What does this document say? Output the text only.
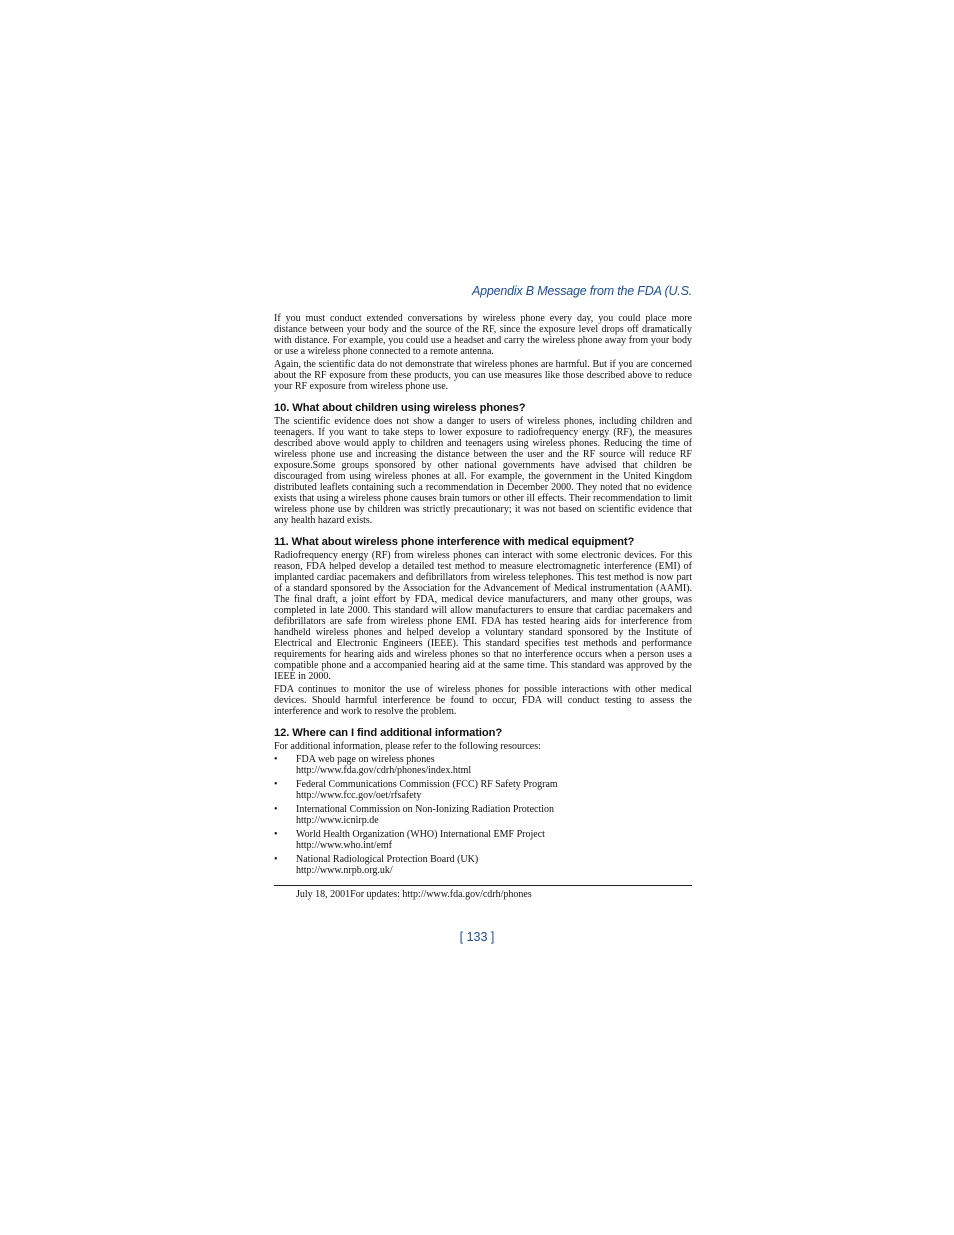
Appendix B Message from the FDA (U.S.

If you must conduct extended conversations by wireless phone every day, you could place more distance between your body and the source of the RF, since the exposure level drops off dramatically with distance. For example, you could use a headset and carry the wireless phone away from your body or use a wireless phone connected to a remote antenna.

Again, the scientific data do not demonstrate that wireless phones are harmful. But if you are concerned about the RF exposure from these products, you can use measures like those described above to reduce your RF exposure from wireless phone use.

10. What about children using wireless phones?

The scientific evidence does not show a danger to users of wireless phones, including children and teenagers. If you want to take steps to lower exposure to radiofrequency energy (RF), the measures described above would apply to children and teenagers using wireless phones. Reducing the time of wireless phone use and increasing the distance between the user and the RF source will reduce RF exposure.Some groups sponsored by other national governments have advised that children be discouraged from using wireless phones at all. For example, the government in the United Kingdom distributed leaflets containing such a recommendation in December 2000. They noted that no evidence exists that using a wireless phone causes brain tumors or other ill effects. Their recommendation to limit wireless phone use by children was strictly precautionary; it was not based on scientific evidence that any health hazard exists.

11. What about wireless phone interference with medical equipment?

Radiofrequency energy (RF) from wireless phones can interact with some electronic devices. For this reason, FDA helped develop a detailed test method to measure electromagnetic interference (EMI) of implanted cardiac pacemakers and defibrillators from wireless telephones. This test method is now part of a standard sponsored by the Association for the Advancement of Medical instrumentation (AAMI). The final draft, a joint effort by FDA, medical device manufacturers, and many other groups, was completed in late 2000. This standard will allow manufacturers to ensure that cardiac pacemakers and defibrillators are safe from wireless phone EMI. FDA has tested hearing aids for interference from handheld wireless phones and helped develop a voluntary standard sponsored by the Institute of Electrical and Electronic Engineers (IEEE). This standard specifies test methods and performance requirements for hearing aids and wireless phones so that no interference occurs when a person uses a compatible phone and a accompanied hearing aid at the same time. This standard was approved by the IEEE in 2000.

FDA continues to monitor the use of wireless phones for possible interactions with other medical devices. Should harmful interference be found to occur, FDA will conduct testing to assess the interference and work to resolve the problem.

12. Where can I find additional information?

For additional information, please refer to the following resources:

• FDA web page on wireless phones
http://www.fda.gov/cdrh/phones/index.html
• Federal Communications Commission (FCC) RF Safety Program
http://www.fcc.gov/oet/rfsafety
• International Commission on Non-Ionizing Radiation Protection
http://www.icnirp.de
• World Health Organization (WHO) International EMF Project
http://www.who.int/emf
• National Radiological Protection Board (UK)
http://www.nrpb.org.uk/
July 18, 2001For updates: http://www.fda.gov/cdrh/phones
[ 133 ]
